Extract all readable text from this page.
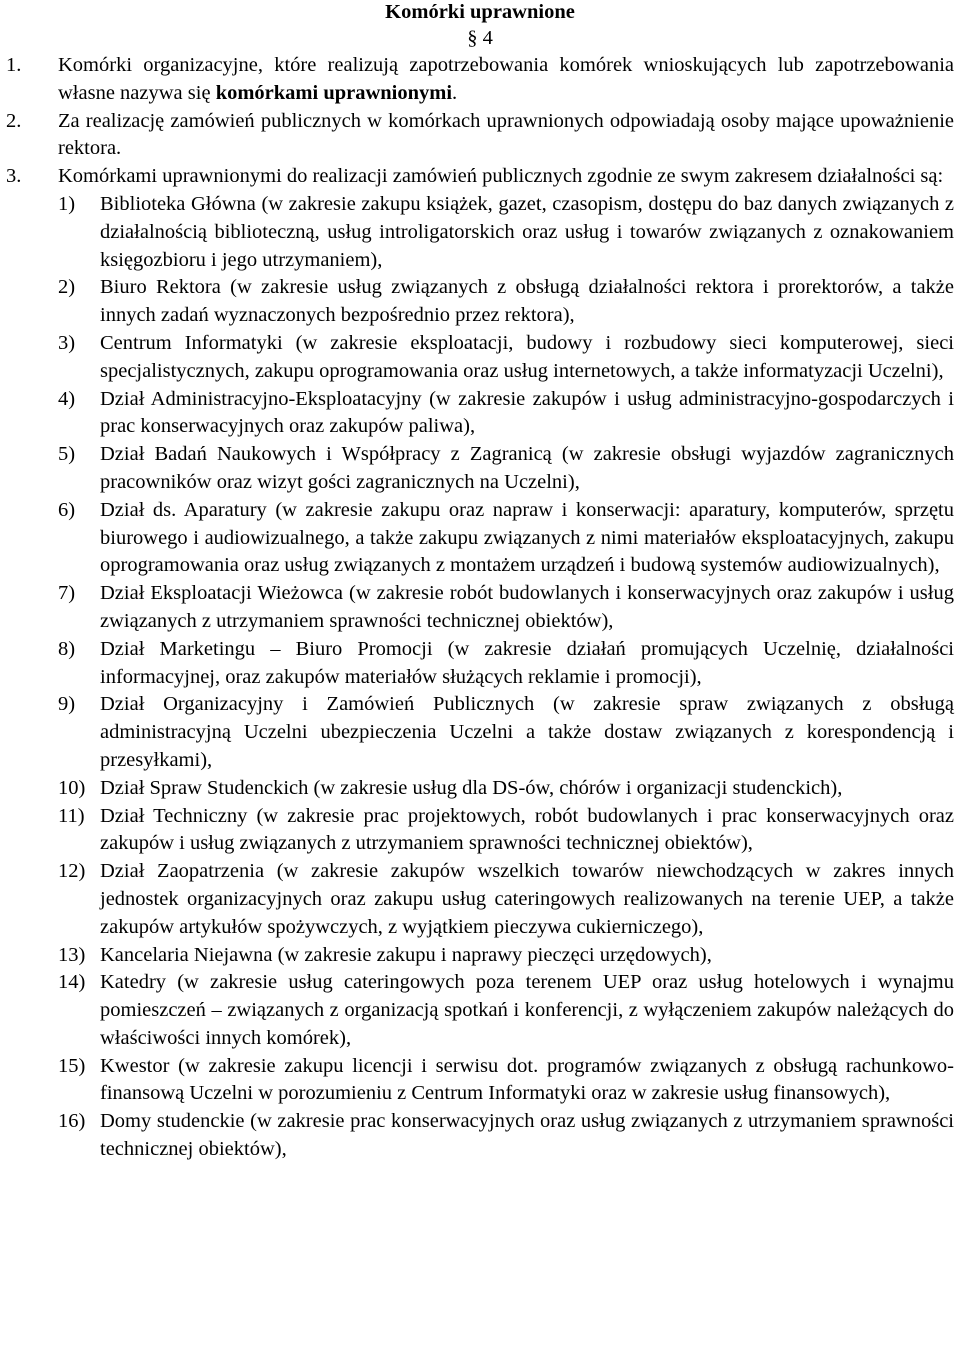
Komórki uprawnione

§ 4

1. Komórki organizacyjne, które realizują zapotrzebowania komórek wnioskujących lub zapotrzebowania własne nazywa się komórkami uprawnionymi.
2. Za realizację zamówień publicznych w komórkach uprawnionych odpowiadają osoby mające upoważnienie rektora.
3. Komórkami uprawnionymi do realizacji zamówień publicznych zgodnie ze swym zakresem działalności są:
1) Biblioteka Główna (w zakresie zakupu książek, gazet, czasopism, dostępu do baz danych związanych z działalnością biblioteczną, usług introligatorskich oraz usług i towarów związanych z oznakowaniem księgozbioru i jego utrzymaniem),
2) Biuro Rektora (w zakresie usług związanych z obsługą działalności rektora i prorektorów, a także innych zadań wyznaczonych bezpośrednio przez rektora),
3) Centrum Informatyki (w zakresie eksploatacji, budowy i rozbudowy sieci komputerowej, sieci specjalistycznych, zakupu oprogramowania oraz usług internetowych, a także informatyzacji Uczelni),
4) Dział Administracyjno-Eksploatacyjny (w zakresie zakupów i usług administracyjno-gospodarczych i prac konserwacyjnych oraz zakupów paliwa),
5) Dział Badań Naukowych i Współpracy z Zagranicą (w zakresie obsługi wyjazdów zagranicznych pracowników oraz wizyt gości zagranicznych na Uczelni),
6) Dział ds. Aparatury (w zakresie zakupu oraz napraw i konserwacji: aparatury, komputerów, sprzętu biurowego i audiowizualnego, a także zakupu związanych z nimi materiałów eksploatacyjnych, zakupu oprogramowania oraz usług związanych z montażem urządzeń i budową systemów audiowizualnych),
7) Dział Eksploatacji Wieżowca (w zakresie robót budowlanych i konserwacyjnych oraz zakupów i usług związanych z utrzymaniem sprawności technicznej obiektów),
8) Dział Marketingu – Biuro Promocji (w zakresie działań promujących Uczelnię, działalności informacyjnej, oraz zakupów materiałów służących reklamie i promocji),
9) Dział Organizacyjny i Zamówień Publicznych (w zakresie spraw związanych z obsługą administracyjną Uczelni ubezpieczenia Uczelni a także dostaw związanych z korespondencją i przesyłkami),
10) Dział Spraw Studenckich (w zakresie usług dla DS-ów, chórów i organizacji studenckich),
11) Dział Techniczny (w zakresie prac projektowych, robót budowlanych i prac konserwacyjnych oraz zakupów i usług związanych z utrzymaniem sprawności technicznej obiektów),
12) Dział Zaopatrzenia (w zakresie zakupów wszelkich towarów niewchodzących w zakres innych jednostek organizacyjnych oraz zakupu usług cateringowych realizowanych na terenie UEP, a także zakupów artykułów spożywczych, z wyjątkiem pieczywa cukierniczego),
13) Kancelaria Niejawna (w zakresie zakupu i naprawy pieczęci urzędowych),
14) Katedry (w zakresie usług cateringowych poza terenem UEP oraz usług hotelowych i wynajmu pomieszczeń – związanych z organizacją spotkań i konferencji, z wyłączeniem zakupów należących do właściwości innych komórek),
15) Kwestor (w zakresie zakupu licencji i serwisu dot. programów związanych z obsługą rachunkowo-finansową Uczelni w porozumieniu z Centrum Informatyki oraz w zakresie usług finansowych),
16) Domy studenckie (w zakresie prac konserwacyjnych oraz usług związanych z utrzymaniem sprawności technicznej obiektów),
